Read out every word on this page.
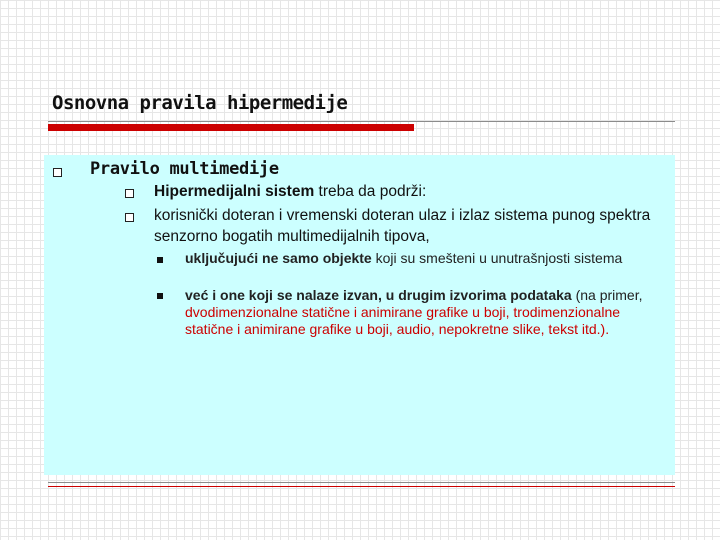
Osnovna pravila hipermedije
Pravilo multimedije
Hipermedijalni sistem treba da podrži:
korisnički doteran i vremenski doteran ulaz i izlaz sistema punog spektra senzorno bogatih multimedijalnih tipova,
uključujući ne samo objekte koji su smešteni u unutrašnjosti sistema
već i one koji se nalaze izvan, u drugim izvorima podataka (na primer, dvodimenzionalne statične i animirane grafike u boji, trodimenzionalne statične i animirane grafike u boji, audio, nepokretne slike, tekst itd.).
